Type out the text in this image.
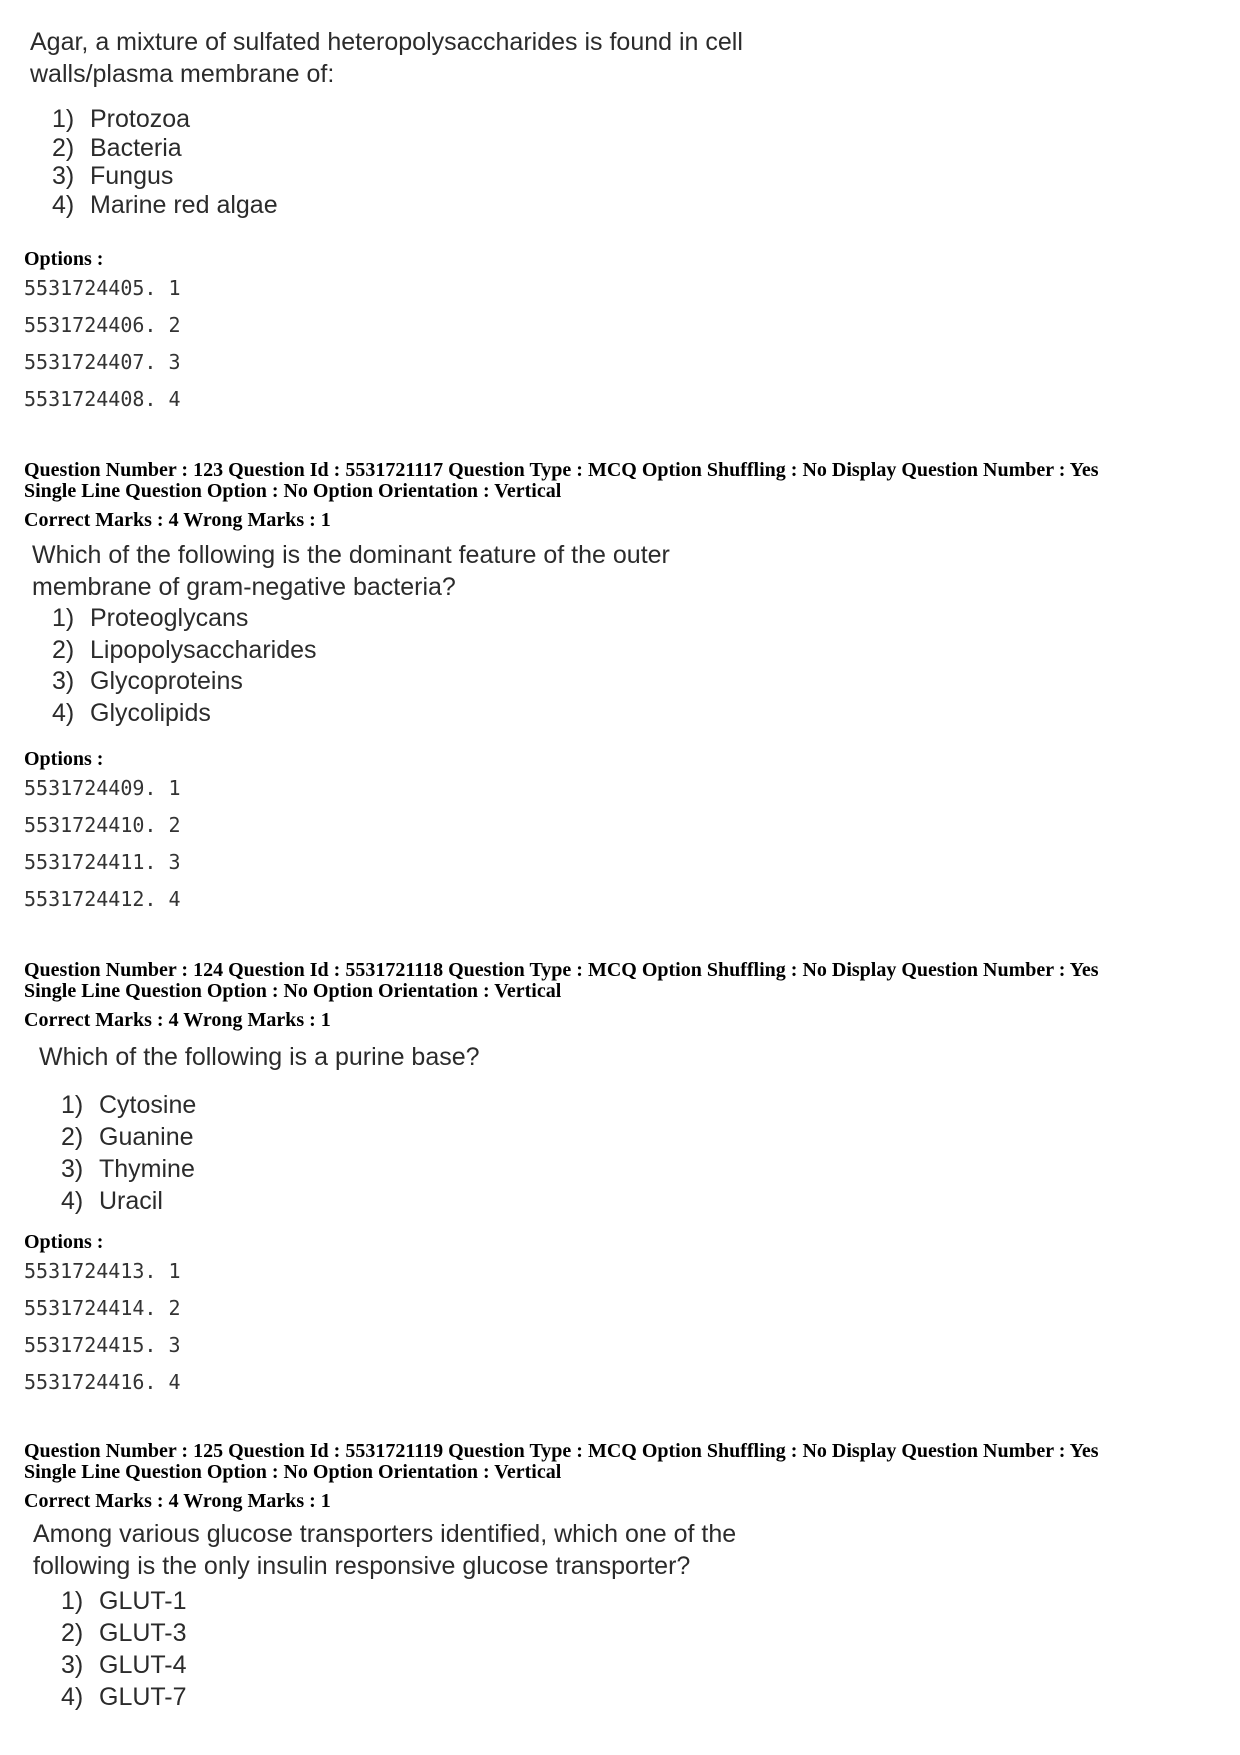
Agar, a mixture of sulfated heteropolysaccharides is found in cell
walls/plasma membrane of:
1) Protozoa
2) Bacteria
3) Fungus
4) Marine red algae
Options :
5531724405. 1
5531724406. 2
5531724407. 3
5531724408. 4
Question Number : 123 Question Id : 5531721117 Question Type : MCQ Option Shuffling : No Display Question Number : Yes
Single Line Question Option : No Option Orientation : Vertical
Correct Marks : 4 Wrong Marks : 1
Which of the following is the dominant feature of the outer
membrane of gram-negative bacteria?
1) Proteoglycans
2) Lipopolysaccharides
3) Glycoproteins
4) Glycolipids
Options :
5531724409. 1
5531724410. 2
5531724411. 3
5531724412. 4
Question Number : 124 Question Id : 5531721118 Question Type : MCQ Option Shuffling : No Display Question Number : Yes
Single Line Question Option : No Option Orientation : Vertical
Correct Marks : 4 Wrong Marks : 1
Which of the following is a purine base?
1) Cytosine
2) Guanine
3) Thymine
4) Uracil
Options :
5531724413. 1
5531724414. 2
5531724415. 3
5531724416. 4
Question Number : 125 Question Id : 5531721119 Question Type : MCQ Option Shuffling : No Display Question Number : Yes
Single Line Question Option : No Option Orientation : Vertical
Correct Marks : 4 Wrong Marks : 1
Among various glucose transporters identified, which one of the
following is the only insulin responsive glucose transporter?
1) GLUT-1
2) GLUT-3
3) GLUT-4
4) GLUT-7
